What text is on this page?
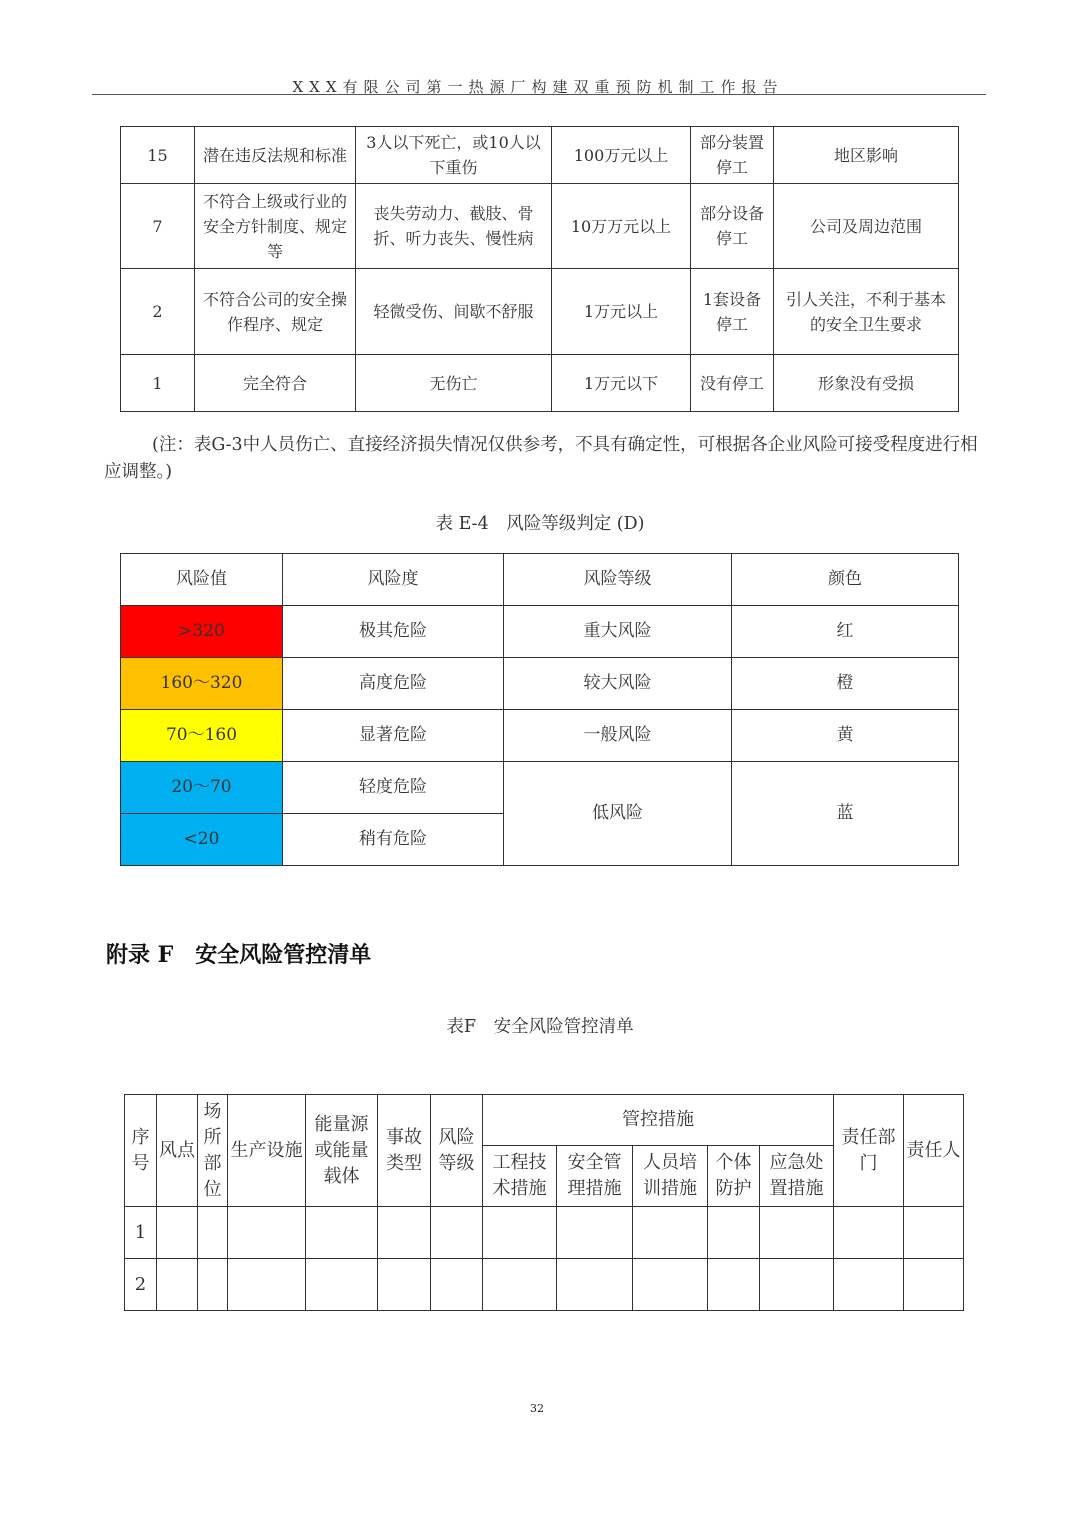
XXX有限公司第一热源厂构建双重预防机制工作报告
15	潜在违反法规和标准	3人以下死亡，或10人以下重伤	100万元以上	部分装置停工	地区影响
7	不符合上级或行业的安全方针制度、规定等	丧失劳动力、截肢、骨折、听力丧失、慢性病	10万万元以上	部分设备停工	公司及周边范围
2	不符合公司的安全操作程序、规定	轻微受伤、间歇不舒服	1万元以上	1套设备停工	引人关注，不利于基本的安全卫生要求
1	完全符合	无伤亡	1万元以下	没有停工	形象没有受损
(注：表G-3中人员伤亡、直接经济损失情况仅供参考，不具有确定性，可根据各企业风险可接受程度进行相应调整。)
表 E-4　风险等级判定 (D)
风险值	风险度	风险等级	颜色
>320	极其危险	重大风险	红
160～320	高度危险	较大风险	橙
70～160	显著危险	一般风险	黄
20～70	轻度危险	低风险	蓝
<20	稍有危险		
附录 F　安全风险管控清单
表F　安全风险管控清单
序号	风点	场所部位	生产设施	能量源或能量载体	事故类型	风险等级	管控措施					责任部门	责任人
							工程技术措施	安全管理措施	人员培训措施	个体防护	应急处置措施		
1													
2													
32
